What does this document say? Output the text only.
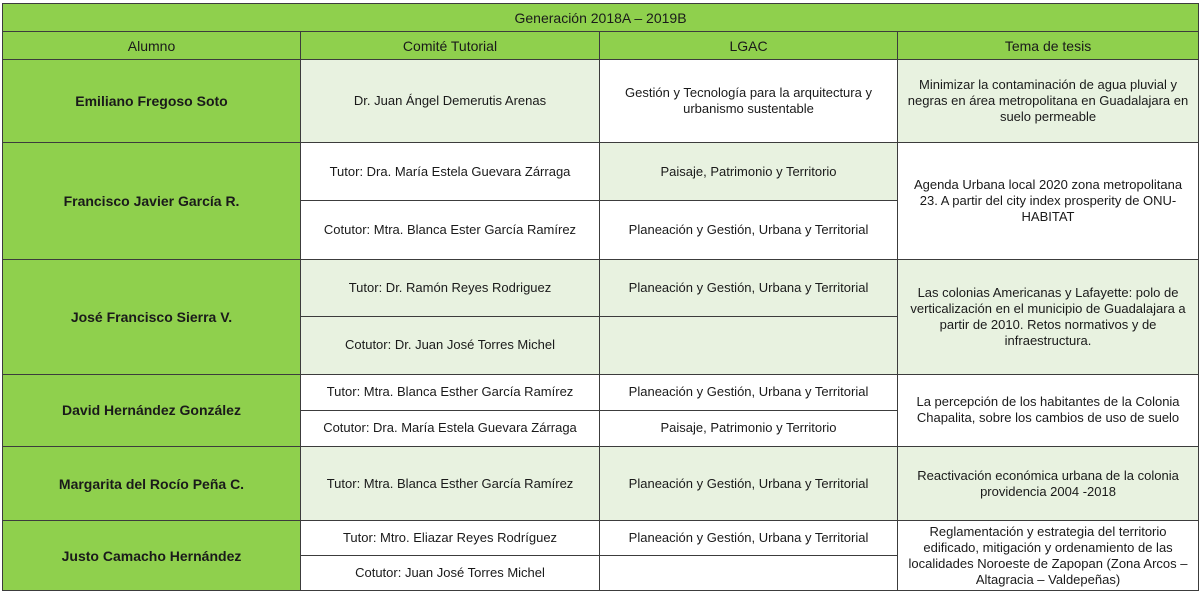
Generación 2018A – 2019B			
Alumno	Comité Tutorial	LGAC	Tema de tesis
Emiliano Fregoso Soto	Dr. Juan Ángel Demerutis Arenas	Gestión y Tecnología para la arquitectura y urbanismo sustentable	Minimizar la contaminación de agua pluvial y negras en área metropolitana en Guadalajara en suelo permeable
Francisco Javier García R.	Tutor: Dra. María Estela Guevara Zárraga	Paisaje, Patrimonio y Territorio	Agenda Urbana local 2020 zona metropolitana 23. A partir del city index prosperity de ONU-HABITAT
	Cotutor: Mtra. Blanca Ester García Ramírez	Planeación y Gestión, Urbana y Territorial	
José Francisco Sierra V.	Tutor: Dr. Ramón Reyes Rodriguez	Planeación y Gestión, Urbana y Territorial	Las colonias Americanas y Lafayette: polo de verticalización en el municipio de Guadalajara a partir de 2010. Retos normativos y de infraestructura.
	Cotutor: Dr. Juan José Torres Michel		
David Hernández González	Tutor: Mtra. Blanca Esther García Ramírez	Planeación y Gestión, Urbana y Territorial	La percepción de los habitantes de la Colonia Chapalita, sobre los cambios de uso de suelo
	Cotutor: Dra. María Estela Guevara Zárraga	Paisaje, Patrimonio y Territorio	
Margarita del Rocío Peña C.	Tutor: Mtra. Blanca Esther García Ramírez	Planeación y Gestión, Urbana y Territorial	Reactivación económica urbana de la colonia providencia 2004 -2018
Justo Camacho Hernández	Tutor: Mtro. Eliazar Reyes Rodríguez	Planeación y Gestión, Urbana y Territorial	Reglamentación y estrategia del territorio edificado, mitigación y ordenamiento de las localidades Noroeste de Zapopan (Zona Arcos – Altagracia – Valdepeñas)
	Cotutor: Juan José Torres Michel		
